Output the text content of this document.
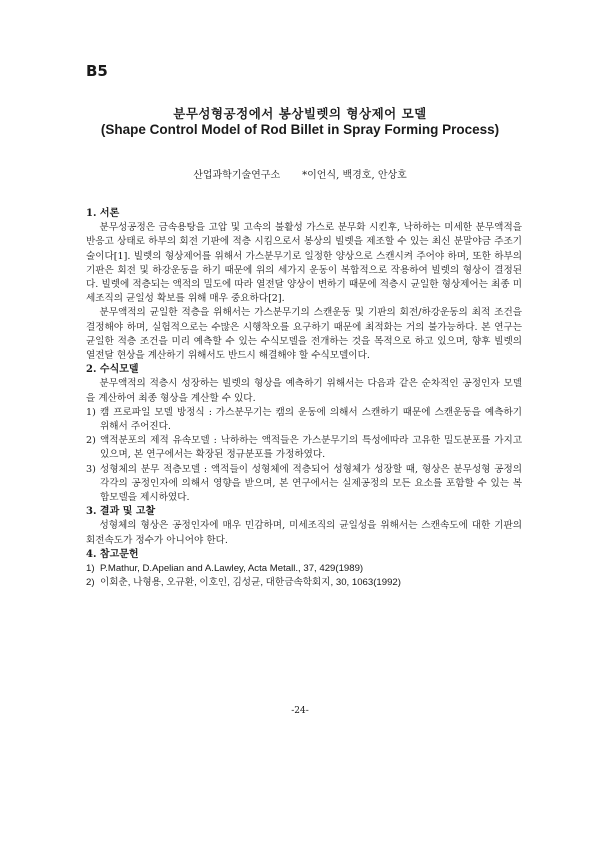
B5
분무성형공정에서 봉상빌렛의 형상제어 모델
(Shape Control Model of Rod Billet in Spray Forming Process)
산업과학기술연구소 *이언식, 백경호, 안상호
1. 서론
분무성공정은 금속용탕을 고압 및 고속의 불활성 가스로 분무화 시킨후, 낙하하는 미세한 분무액적을 반응고 상태로 하부의 회전 기판에 적층 시킴으로서 봉상의 빌렛을 제조할 수 있는 최신 분말야금 주조기술이다[1]. 빌렛의 형상제어를 위해서 가스분무기로 일정한 양상으로 스캔시켜 주어야 하며, 또한 하부의 기판은 회전 및 하강운동을 하기 때문에 위의 세가지 운동이 복합적으로 작용하여 빌렛의 형상이 결정된다. 빌렛에 적층되는 액적의 밀도에 따라 열전달 양상이 변하기 때문에 적층시 균일한 형상제어는 최종 미세조직의 균일성 확보를 위해 매우 중요하다[2].
분무액적의 균일한 적층을 위해서는 가스분무기의 스캔운동 및 기판의 회전/하강운동의 최적 조건을 결정해야 하며, 실험적으로는 수많은 시행착오를 요구하기 때문에 최적화는 거의 불가능하다. 본 연구는 균일한 적층 조건을 미리 예측할 수 있는 수식모델을 전개하는 것을 목적으로 하고 있으며, 향후 빌렛의 열전달 현상을 계산하기 위해서도 반드시 해결해야 할 수식모델이다.
2. 수식모델
분무액적의 적층시 성장하는 빌렛의 형상을 예측하기 위해서는 다음과 같은 순차적인 공정인자 모델을 계산하여 최종 형상을 계산할 수 있다.
1) 캠 프로파일 모델 방정식 : 가스분무기는 캠의 운동에 의해서 스캔하기 때문에 스캔운동을 예측하기 위해서 주어진다.
2) 액적분포의 제적 유속모델 : 낙하하는 액적들은 가스분무기의 특성에따라 고유한 밀도분포를 가지고 있으며, 본 연구에서는 확장된 정규분포를 가정하였다.
3) 성형체의 분무 적층모델 : 액적들이 성형체에 적층되어 성형체가 성장할 때, 형상은 분무성형 공정의 각각의 공정인자에 의해서 영향을 받으며, 본 연구에서는 실제공정의 모든 요소를 포함할 수 있는 복합모델을 제시하였다.
3. 결과 및 고찰
성형체의 형상은 공정인자에 매우 민감하며, 미세조직의 균일성을 위해서는 스캔속도에 대한 기판의 회전속도가 정수가 아니어야 한다.
4. 참고문헌
1) P.Mathur, D.Apelian and A.Lawley, Acta Metall., 37, 429(1989)
2) 이회춘, 나형용, 오규환, 이호인, 김성균, 대한금속학회지, 30, 1063(1992)
-24-
